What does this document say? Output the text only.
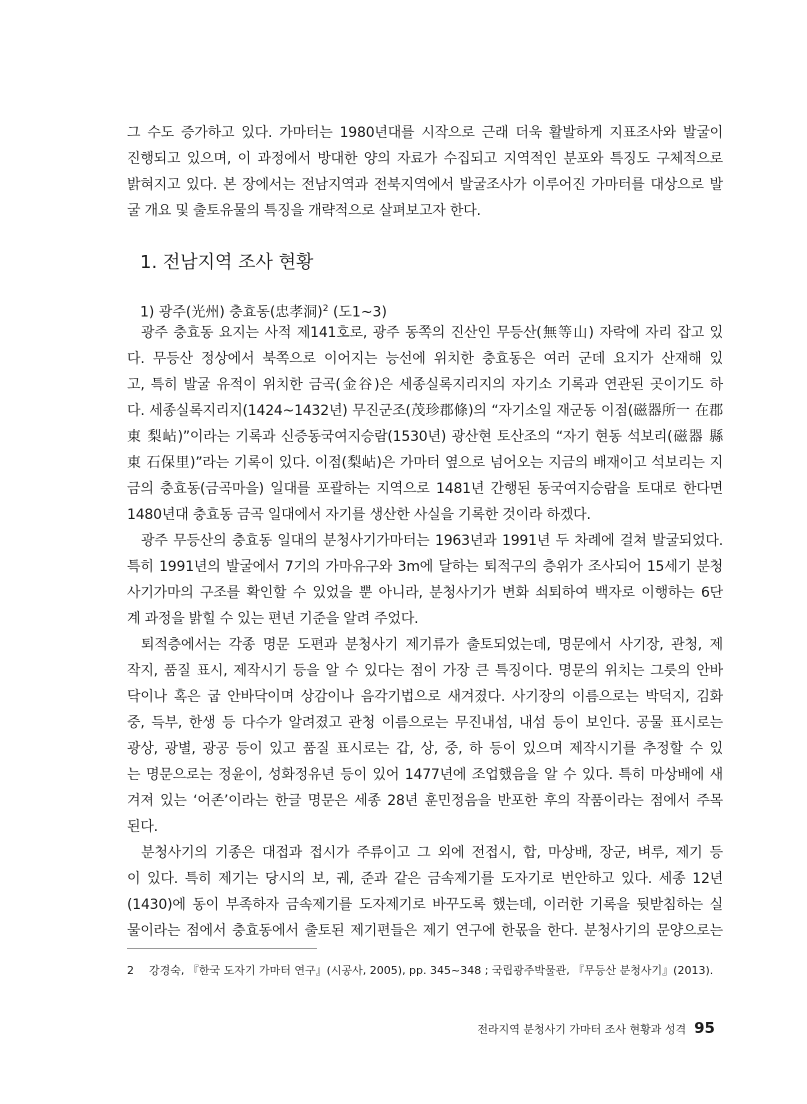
그 수도 증가하고 있다. 가마터는 1980년대를 시작으로 근래 더욱 활발하게 지표조사와 발굴이
진행되고 있으며, 이 과정에서 방대한 양의 자료가 수집되고 지역적인 분포와 특징도 구체적으로
밝혀지고 있다. 본 장에서는 전남지역과 전북지역에서 발굴조사가 이루어진 가마터를 대상으로 발
굴 개요 및 출토유물의 특징을 개략적으로 살펴보고자 한다.
1. 전남지역 조사 현황
1) 광주(光州) 충효동(忠孝洞)$^2$ (도1~3)
광주 충효동 요지는 사적 제141호로, 광주 동쪽의 진산인 무등산(無等山) 자락에 자리 잡고 있
다. 무등산 정상에서 북쪽으로 이어지는 능선에 위치한 충효동은 여러 군데 요지가 산재해 있
고, 특히 발굴 유적이 위치한 금곡(金谷)은 세종실록지리지의 자기소 기록과 연관된 곳이기도 하
다. 세종실록지리지(1424~1432년) 무진군조(茂珍郡條)의 “자기소일 재군동 이점(磁器所一 在郡
東 梨岾)”이라는 기록과 신증동국여지승람(1530년) 광산현 토산조의 “자기 현동 석보리(磁器 縣
東 石保里)”라는 기록이 있다. 이점(梨岾)은 가마터 옆으로 넘어오는 지금의 배재이고 석보리는 지
금의 충효동(금곡마을) 일대를 포괄하는 지역으로 1481년 간행된 동국여지승람을 토대로 한다면
1480년대 충효동 금곡 일대에서 자기를 생산한 사실을 기록한 것이라 하겠다.
광주 무등산의 충효동 일대의 분청사기가마터는 1963년과 1991년 두 차례에 걸쳐 발굴되었다.
특히 1991년의 발굴에서 7기의 가마유구와 3m에 달하는 퇴적구의 층위가 조사되어 15세기 분청
사기가마의 구조를 확인할 수 있었을 뿐 아니라, 분청사기가 변화 쇠퇴하여 백자로 이행하는 6단
계 과정을 밝힐 수 있는 편년 기준을 알려 주었다.
퇴적층에서는 각종 명문 도편과 분청사기 제기류가 출토되었는데, 명문에서 사기장, 관청, 제
작지, 품질 표시, 제작시기 등을 알 수 있다는 점이 가장 큰 특징이다. 명문의 위치는 그릇의 안바
닥이나 혹은 굽 안바닥이며 상감이나 음각기법으로 새겨졌다. 사기장의 이름으로는 박덕지, 김화
중, 득부, 한생 등 다수가 알려졌고 관청 이름으로는 무진내섬, 내섬 등이 보인다. 공물 표시로는
광상, 광별, 광공 등이 있고 품질 표시로는 갑, 상, 중, 하 등이 있으며 제작시기를 추정할 수 있
는 명문으로는 정윤이, 성화정유년 등이 있어 1477년에 조업했음을 알 수 있다. 특히 마상배에 새
겨져 있는 ‘어존’이라는 한글 명문은 세종 28년 훈민정음을 반포한 후의 작품이라는 점에서 주목
된다.
분청사기의 기종은 대접과 접시가 주류이고 그 외에 전접시, 합, 마상배, 장군, 벼루, 제기 등
이 있다. 특히 제기는 당시의 보, 궤, 준과 같은 금속제기를 도자기로 번안하고 있다. 세종 12년
(1430)에 동이 부족하자 금속제기를 도자제기로 바꾸도록 했는데, 이러한 기록을 뒷받침하는 실
물이라는 점에서 충효동에서 출토된 제기편들은 제기 연구에 한몫을 한다. 분청사기의 문양으로는
2 강경숙, 『한국 도자기 가마터 연구』(시공사, 2005), pp. 345~348 ; 국립광주박물관, 『무등산 분청사기』(2013).
전라지역 분청사기 가마터 조사 현황과 성격 95
